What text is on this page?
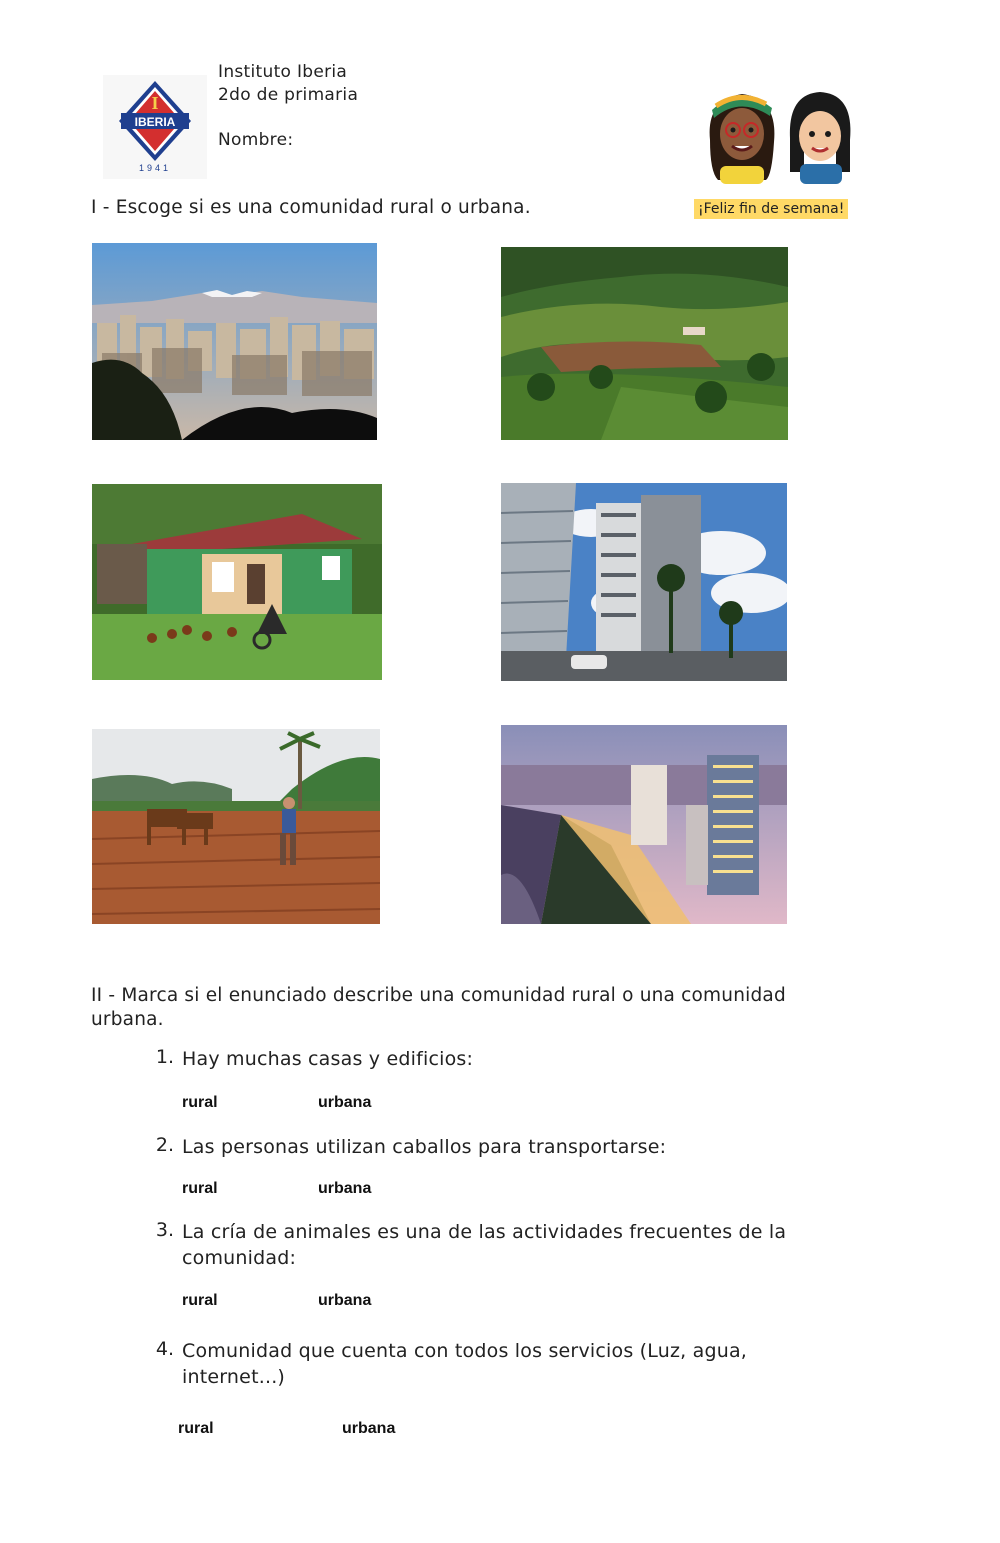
IBERIA
I
1941
Instituto Iberia
2do de primaria
Nombre:
I - Escoge si es una comunidad rural o urbana.	¡Feliz fin de semana!
II - Marca si el enunciado describe una comunidad rural o una comunidad urbana.
1. Hay muchas casas y edificios:
rural	urbana
2. Las personas utilizan caballos para transportarse:
rural	urbana
3. La cría de animales es una de las actividades frecuentes de la comunidad:
rural	urbana
4. Comunidad que cuenta con todos los servicios (Luz, agua, internet...)
rural	urbana
